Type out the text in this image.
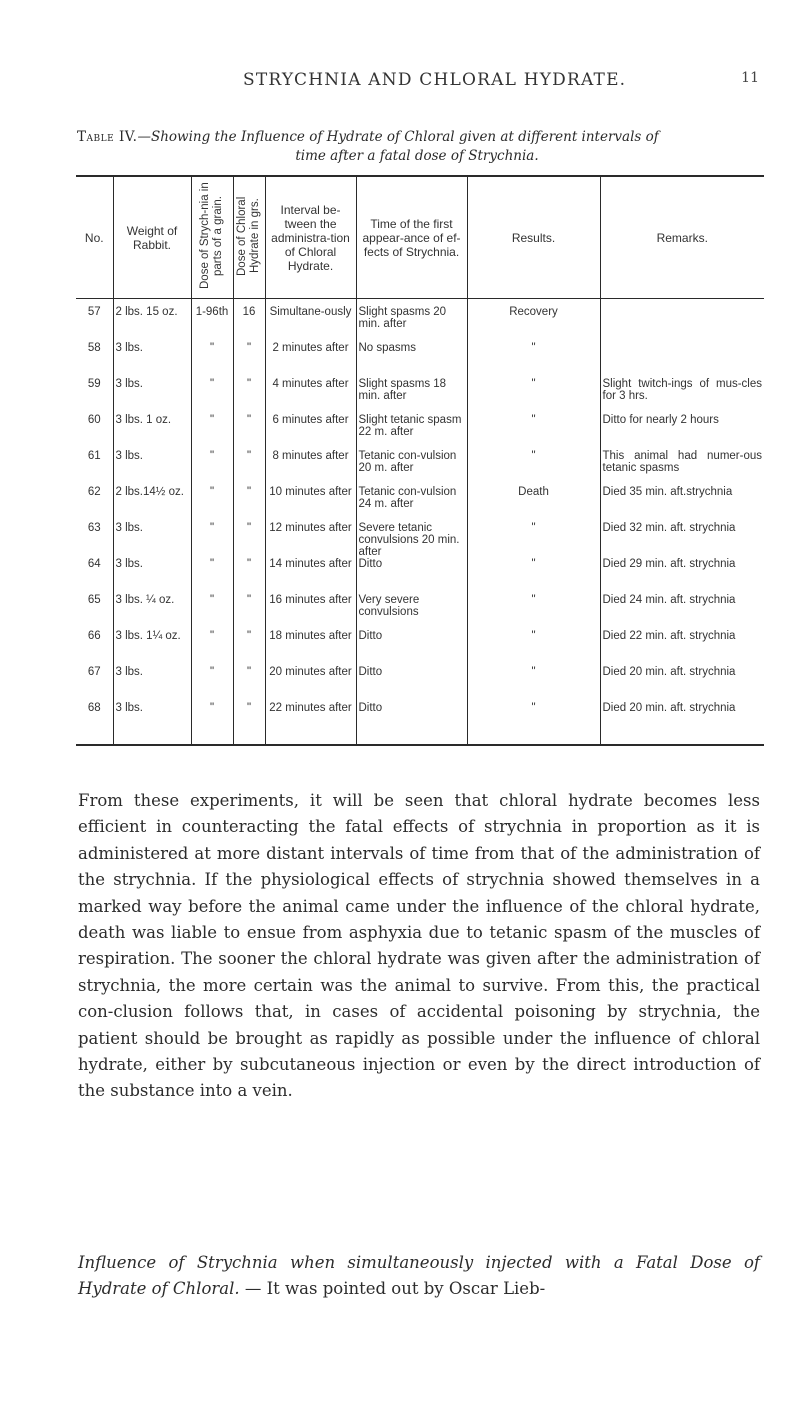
STRYCHNIA AND CHLORAL HYDRATE.	11
Table IV.—Showing the Influence of Hydrate of Chloral given at different intervals of
time after a fatal dose of Strychnia.
No.	Weight of Rabbit.	Dose of Strych-nia in parts of a grain.	Dose of Chloral Hydrate in grs.	Interval be-tween the administra-tion of Chloral Hydrate.	Time of the first appear-ance of ef-fects of Strychnia.	Results.	Remarks.
57	2 lbs. 15 oz.	1-96th	16	Simultane-ously	Slight spasms 20 min. after	Recovery	
58	3 lbs.	"	"	2 minutes after	No spasms	"	
59	3 lbs.	"	"	4 minutes after	Slight spasms 18 min. after	"	Slight twitch-ings of mus-cles for 3 hrs.
60	3 lbs. 1 oz.	"	"	6 minutes after	Slight tetanic spasm 22 m. after	"	Ditto for nearly 2 hours
61	3 lbs.	"	"	8 minutes after	Tetanic con-vulsion 20 m. after	"	This animal had numer-ous tetanic spasms
62	2 lbs.14½ oz.	"	"	10 minutes after	Tetanic con-vulsion 24 m. after	Death	Died 35 min. aft.strychnia
63	3 lbs.	"	"	12 minutes after	Severe tetanic convulsions 20 min. after	"	Died 32 min. aft. strychnia
64	3 lbs.	"	"	14 minutes after	Ditto	"	Died 29 min. aft. strychnia
65	3 lbs. ¼ oz.	"	"	16 minutes after	Very severe convulsions	"	Died 24 min. aft. strychnia
66	3 lbs. 1¼ oz.	"	"	18 minutes after	Ditto	"	Died 22 min. aft. strychnia
67	3 lbs.	"	"	20 minutes after	Ditto	"	Died 20 min. aft. strychnia
68	3 lbs.	"	"	22 minutes after	Ditto	"	Died 20 min. aft. strychnia
From these experiments, it will be seen that chloral hydrate becomes less efficient in counteracting the fatal effects of strychnia in proportion as it is administered at more distant intervals of time from that of the administration of the strychnia. If the physiological effects of strychnia showed themselves in a marked way before the animal came under the influence of the chloral hydrate, death was liable to ensue from asphyxia due to tetanic spasm of the muscles of respiration. The sooner the chloral hydrate was given after the administration of strychnia, the more certain was the animal to survive. From this, the practical con-clusion follows that, in cases of accidental poisoning by strychnia, the patient should be brought as rapidly as possible under the influence of chloral hydrate, either by subcutaneous injection or even by the direct introduction of the substance into a vein.
Influence of Strychnia when simultaneously injected with a Fatal Dose of Hydrate of Chloral. — It was pointed out by Oscar Lieb-
